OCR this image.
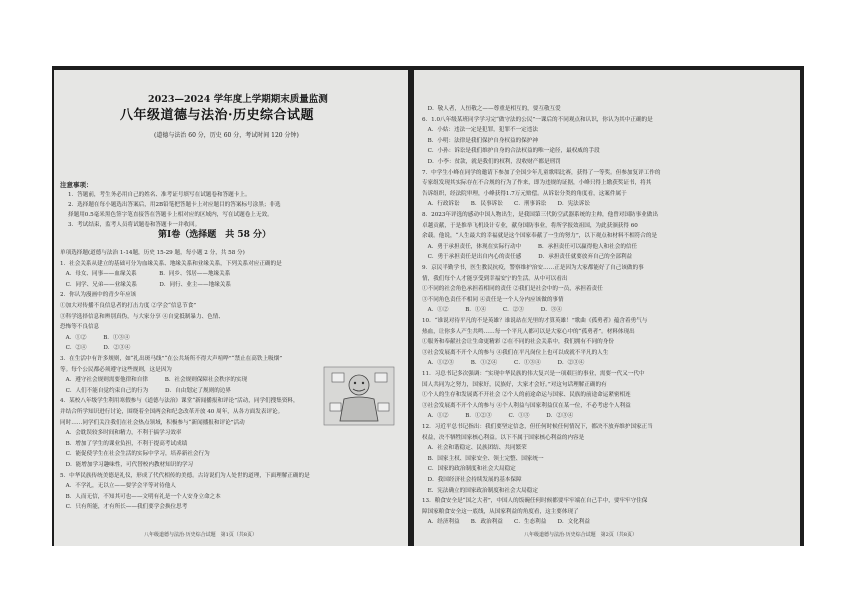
2023—2024 学年度上学期期末质量监测
八年级道德与法治·历史综合试题
(道德与法治 60 分，历史 60 分，考试时间 120 分钟)
注意事项：
1．答题前，考生务必用自己的姓名、准考证号填写在试题卷和答题卡上。
2．选择题在每小题选出答案后，用2B铅笔把答题卡上对应题目的答案标号涂黑；非选
择题用0.5毫米黑色签字笔直接答在答题卡上相对应的区域内，写在试题卷上无效。
3．考试结束，监考人员将试题卷和答题卡一并收回。
第Ⅰ卷（选择题　共 58 分）
单项选择题(道德与法治 1-14题，历史 15-29 题，每小题 2 分，共 58 分)
1．社会关系从建立的基础可分为血缘关系、地缘关系和业缘关系，下列关系对应正确的是
　A．母女、同事——血缘关系　　　　B．同乡、邻居——地缘关系
　C．同学、兄弟——业缘关系　　　　D．同行、业主——地缘关系
2．你认为漫画中的青少年应该
①加大对传播不良信息者的打击力度 ②学会“信息节食”
③科学选择信息和辨别真伪，与大家分享 ④自觉抵制暴力、色情、
恐怖等不良信息
　A．①②　　　B．①③④
　C．②④　　　D．②③④
3．在生活中有许多规则，如“扎出斑马线”“在公共场所不得大声喧哗”“禁止在高铁上吸烟”
等。每个公民都必须遵守这些规则，这是因为
　A．遵守社会规则需要他律和自律　　　B．社会规则保障社会秩序的实现
　C．人们不能自觉约束自己的行为　　　D．自由划定了规则的边界
4．某校八年级学生利用寒假参与《道德与法治》课堂“新闻播报和评论”活动，同学们搜集资料，
并结合所学知识进行讨论，围绕着全国两会和纪念改革开放 40 周年，从各方面发表评论。
同时……同学们关注我们在社会热点领域，积极参与“新闻播报和评论”活动
　A．会耽误较多时间和精力，不利于搞学习效率
　B．增加了学生的课业负担，不利于提高考试成绩
　C．能促使学生在社会生活的实际中学习，培养新社会行为
　D．能增加学习趣味性，可代替校内教材知识的学习
5．中华民族传统美德是礼仪，形成了代代相传的美德。古诗说们为人处世的道理，下面理解正确的是
　A．不学礼，无以立——要学会平等对待他人
　B．人而无信，不知其可也——文明有礼是一个人安身立命之本
　C．只有所能，才有所长——我们要学会换位思考
八年级道德与法治·历史综合试题　第1页（共8页）
　D．敬人者，人恒敬之——尊重是相互的，要互敬互爱
6．1.0八年级某班同学学习完“做守法的公民”一课后的不同观点和认识，你认为其中正确的是
　A．小姑：违法一定是犯罪，犯罪不一定违法
　B．小明：法律是我们保护自身权益的保护神
　C．小孙：诉讼是我们维护自身的合法权益的唯一途径，最权威的手段
　D．小李：贫款，就是我们的权利，没收财产都是刑罚
7．中学生小峰在同学的邀请下参加了全国少年儿童歌唱比赛，获得了一等奖。但参加复评工作的
专家组发现其实际存在不合规的行为了作来，即为违规的证据，小峰只得上缴获奖证书，将其
告诉组织，经法院审理，小峰获得1.7万元赔偿。从诉讼分类的角度看，这案件属于
　A．行政诉讼　　B．民事诉讼　　C．刑事诉讼　　D．宪法诉讼
8．2023年评选的感动中国人物出生，是我国第三代防空武器系统的主帅，他曾对国防事业做出
卓越贡献，于是推举飞机设计专业，献身国防事业，将所学报效祖国，为此获颁获得 60
余载。他说，“人生最大的幸福就是这个国家奉献了一生的努力”，以下观点和材料不相符合的是
　A．勇于承担责任，体现在实际行动中　　　B．承担责任可以赢得他人和社会的信任
　C．勇于承担责任是出自内心的责任感　　　D．承担责任就要放弃自己的全部利益
9．京民半勤学书，医生教民抗疫，警察维护治安……正是因为大家都能好了自己该做的事
情，我们每个人才能享受到幸福安宁的生活。从中可以看出
①不同的社会角色承担着相同的责任 ②我们是社会中的一员，承担着责任
③不同角色责任不相同 ④责任是一个人分内应该做的事情
　A．①②　　　B．①④　　　C．②③　　　D．③④
10．“谁说对待平凡的不是英雄？谁说站在光里的才算英雄！”歌曲《孤勇者》蕴含着勇气与
热血，让你多人产生共鸣……每一个平凡人都可以是大家心中的“孤勇者”。材料体现出
①服务和奉献社会让生命更精彩 ②在不同的社会关系中，我们拥有不同的身份
③社会发展离不开个人的参与 ④我们在平凡岗位上也可以成就不平凡的人生
　A．①②③　　　B．①②④　　　C．①③④　　　D．②③④
11．习总书记多次强调：“实现中华民族的伟大复兴是一项艰巨的事业，需要一代又一代中
国人共同为之努力，国家好，民族好，大家才会好。”对这句话理解正确的有
①个人的生存和发展离不开社会 ②个人的前途命运与国家、民族的前途命运紧密相连
③社会发展离不开个人的参与 ④个人利益与国家利益仅在某一位，不必考虑个人利益
　A．①②　　　B．①②③　　　C．①③　　　D．②③④
12．习近平总书记指出：我们要坚定信念，但任何时候任何情况下，都决不放弃维护国家正当
权益，决不牺牲国家核心利益。以下不属于国家核心利益的内容是
　A．社会和谐稳定、民族团结、共同繁荣
　B．国家主权、国家安全、领土完整、国家统一
　C．国家的政治制度和社会大局稳定
　D．我国经济社会持续发展的基本保障
　E．宪法确立的国家政治制度和社会大局稳定
13．粮食安全是“国之大者”，中国人的饭碗任何时候都要牢牢端在自己手中，要牢牢守住保
障国家粮食安全这一底线，从国家利益的角度看，这主要体现了
　A．经济利益　　B．政治利益　　C．生态利益　　D．文化利益
八年级道德与法治·历史综合试题　第2页（共8页）
